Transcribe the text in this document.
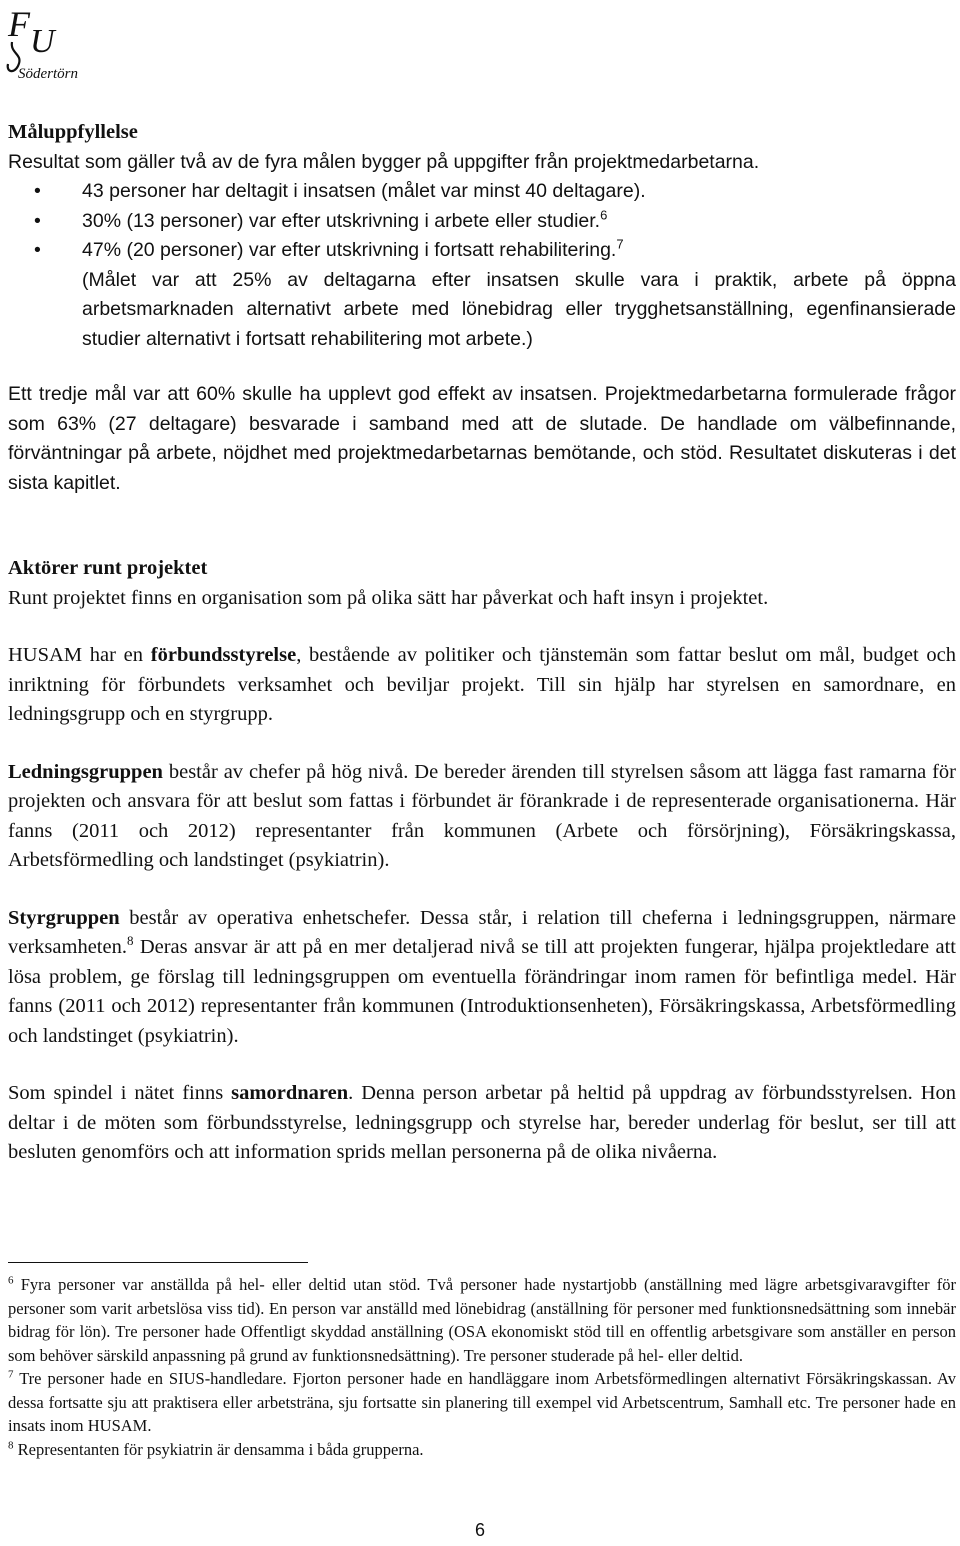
F U
Södertörn
Måluppfyllelse

Resultat som gäller två av de fyra målen bygger på uppgifter från projektmedarbetarna.

• 43 personer har deltagit i insatsen (målet var minst 40 deltagare).
• 30% (13 personer) var efter utskrivning i arbete eller studier.$^6$
• 47% (20 personer) var efter utskrivning i fortsatt rehabilitering.$^7$
(Målet var att 25% av deltagarna efter insatsen skulle vara i praktik, arbete på öppna arbetsmarknaden alternativt arbete med lönebidrag eller trygghetsanställning, egenfinansierade studier alternativt i fortsatt rehabilitering mot arbete.)

Ett tredje mål var att 60% skulle ha upplevt god effekt av insatsen. Projektmedarbetarna formulerade frågor som 63% (27 deltagare) besvarade i samband med att de slutade. De handlade om välbefinnande, förväntningar på arbete, nöjdhet med projektmedarbetarnas bemötande, och stöd. Resultatet diskuteras i det sista kapitlet.

Aktörer runt projektet

Runt projektet finns en organisation som på olika sätt har påverkat och haft insyn i projektet.

HUSAM har en förbundsstyrelse, bestående av politiker och tjänstemän som fattar beslut om mål, budget och inriktning för förbundets verksamhet och beviljar projekt. Till sin hjälp har styrelsen en samordnare, en ledningsgrupp och en styrgrupp.

Ledningsgruppen består av chefer på hög nivå. De bereder ärenden till styrelsen såsom att lägga fast ramarna för projekten och ansvara för att beslut som fattas i förbundet är förankrade i de representerade organisationerna. Här fanns (2011 och 2012) representanter från kommunen (Arbete och försörjning), Försäkringskassa, Arbetsförmedling och landstinget (psykiatrin).

Styrgruppen består av operativa enhetschefer. Dessa står, i relation till cheferna i ledningsgruppen, närmare verksamheten.$^8$ Deras ansvar är att på en mer detaljerad nivå se till att projekten fungerar, hjälpa projektledare att lösa problem, ge förslag till ledningsgruppen om eventuella förändringar inom ramen för befintliga medel. Här fanns (2011 och 2012) representanter från kommunen (Introduktionsenheten), Försäkringskassa, Arbetsförmedling och landstinget (psykiatrin).

Som spindel i nätet finns samordnaren. Denna person arbetar på heltid på uppdrag av förbundsstyrelsen. Hon deltar i de möten som förbundsstyrelse, ledningsgrupp och styrelse har, bereder underlag för beslut, ser till att besluten genomförs och att information sprids mellan personerna på de olika nivåerna.

$^6$ Fyra personer var anställda på hel- eller deltid utan stöd. Två personer hade nystartjobb (anställning med lägre arbetsgivaravgifter för personer som varit arbetslösa viss tid). En person var anställd med lönebidrag (anställning för personer med funktionsnedsättning som innebär bidrag för lön). Tre personer hade Offentligt skyddad anställning (OSA ekonomiskt stöd till en offentlig arbetsgivare som anställer en person som behöver särskild anpassning på grund av funktionsnedsättning). Tre personer studerade på hel- eller deltid.

$^7$ Tre personer hade en SIUS-handledare. Fjorton personer hade en handläggare inom Arbetsförmedlingen alternativt Försäkringskassan. Av dessa fortsatte sju att praktisera eller arbetsträna, sju fortsatte sin planering till exempel vid Arbetscentrum, Samhall etc. Tre personer hade en insats inom HUSAM.

$^8$ Representanten för psykiatrin är densamma i båda grupperna.

6
